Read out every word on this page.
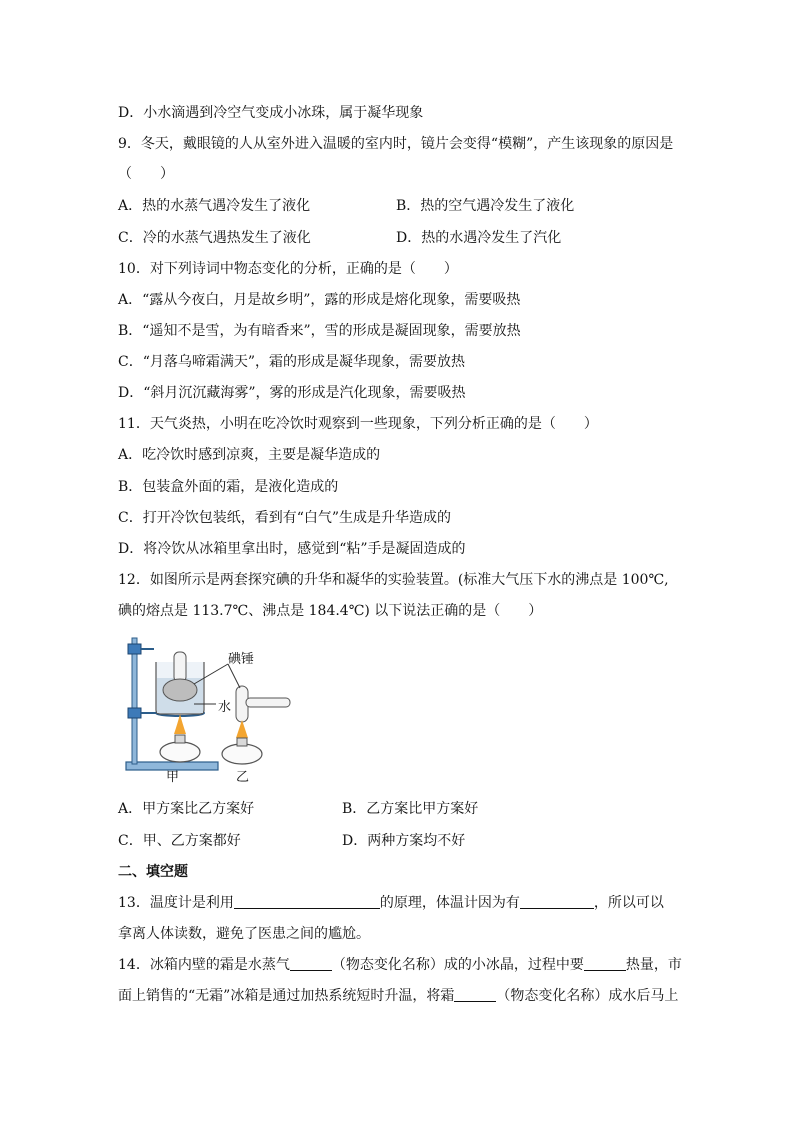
D．小水滴遇到冷空气变成小冰珠，属于凝华现象
9．冬天，戴眼镜的人从室外进入温暖的室内时，镜片会变得“模糊”，产生该现象的原因是
（　　）
A．热的水蒸气遇冷发生了液化	B．热的空气遇冷发生了液化
C．冷的水蒸气遇热发生了液化	D．热的水遇冷发生了汽化
10．对下列诗词中物态变化的分析，正确的是（　　）
A．“露从今夜白，月是故乡明”，露的形成是熔化现象，需要吸热
B．“遥知不是雪，为有暗香来”，雪的形成是凝固现象，需要放热
C．“月落乌啼霜满天”，霜的形成是凝华现象，需要放热
D．“斜月沉沉藏海雾”，雾的形成是汽化现象，需要吸热
11．天气炎热，小明在吃冷饮时观察到一些现象，下列分析正确的是（　　）
A．吃冷饮时感到凉爽，主要是凝华造成的
B．包装盒外面的霜，是液化造成的
C．打开冷饮包装纸，看到有“白气”生成是升华造成的
D．将冷饮从冰箱里拿出时，感觉到“粘”手是凝固造成的
12．如图所示是两套探究碘的升华和凝华的实验装置。(标准大气压下水的沸点是 100℃,
碘的熔点是 113.7℃、沸点是 184.4℃) 以下说法正确的是（　　）
碘锤
水
甲	乙
A．甲方案比乙方案好	B．乙方案比甲方案好
C．甲、乙方案都好	D．两种方案均不好
二、填空题
13．温度计是利用	的原理，体温计因为有	，所以可以
拿离人体读数，避免了医患之间的尴尬。
14．冰箱内壁的霜是水蒸气	（物态变化名称）成的小冰晶，过程中要	热量，市
面上销售的“无霜”冰箱是通过加热系统短时升温，将霜	（物态变化名称）成水后马上
